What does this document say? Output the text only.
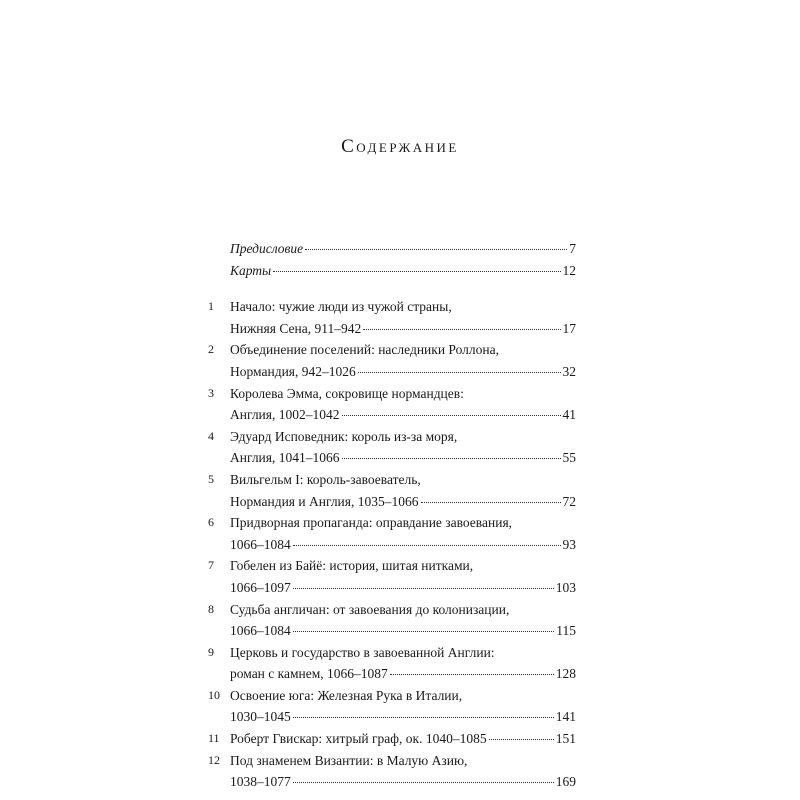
Содержание
Предисловие	7
Карты	12
1	Начало: чужие люди из чужой страны,
Нижняя Сена, 911–942	17
2	Объединение поселений: наследники Роллона,
Нормандия, 942–1026	32
3	Королева Эмма, сокровище нормандцев:
Англия, 1002–1042	41
4	Эдуард Исповедник: король из-за моря,
Англия, 1041–1066	55
5	Вильгельм I: король-завоеватель,
Нормандия и Англия, 1035–1066	72
6	Придворная пропаганда: оправдание завоевания,
1066–1084	93
7	Гобелен из Байё: история, шитая нитками,
1066–1097	103
8	Судьба англичан: от завоевания до колонизации,
1066–1084	115
9	Церковь и государство в завоеванной Англии:
роман с камнем, 1066–1087	128
10 Освоение юга: Железная Рука в Италии,
1030–1045	141
11 Роберт Гвискар: хитрый граф, ок. 1040–1085	151
12 Под знаменем Византии: в Малую Азию,
1038–1077	169
